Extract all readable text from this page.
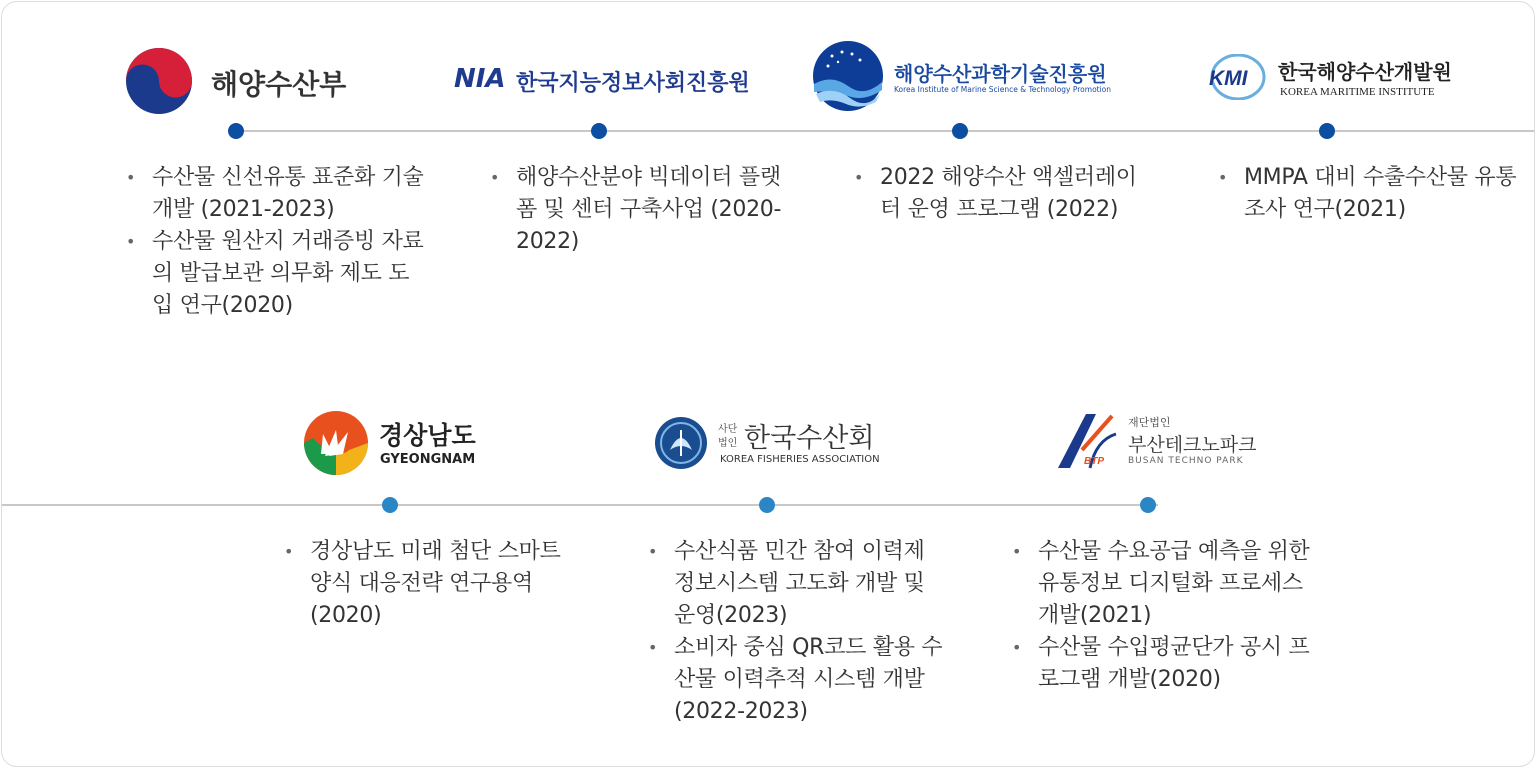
해양수산부	NIA 한국지능정보사회진흥원	해양수산과학기술진흥원
Korea Institute of Marine Science & Technology Promotion	KMI 한국해양수산개발원
KOREA MARITIME INSTITUTE
• 수산물 신선유통 표준화 기술개발 (2021-2023)
• 수산물 원산지 거래증빙 자료의 발급보관 의무화 제도 도입 연구(2020)
• 해양수산분야 빅데이터 플랫폼 및 센터 구축사업 (2020-2022)
• 2022 해양수산 액셀러레이터 운영 프로그램 (2022)
• MMPA 대비 수출수산물 유통조사 연구(2021)
경상남도
GYEONGNAM
사단
법인 한국수산회
KOREA FISHERIES ASSOCIATION	BTP
재단법인
부산테크노파크
BUSAN TECHNO PARK
• 경상남도 미래 첨단 스마트 양식 대응전략 연구용역(2020)
• 수산식품 민간 참여 이력제 정보시스템 고도화 개발 및 운영(2023)
• 소비자 중심 QR코드 활용 수산물 이력추적 시스템 개발(2022-2023)
• 수산물 수요공급 예측을 위한 유통정보 디지털화 프로세스 개발(2021)
• 수산물 수입평균단가 공시 프로그램 개발(2020)
